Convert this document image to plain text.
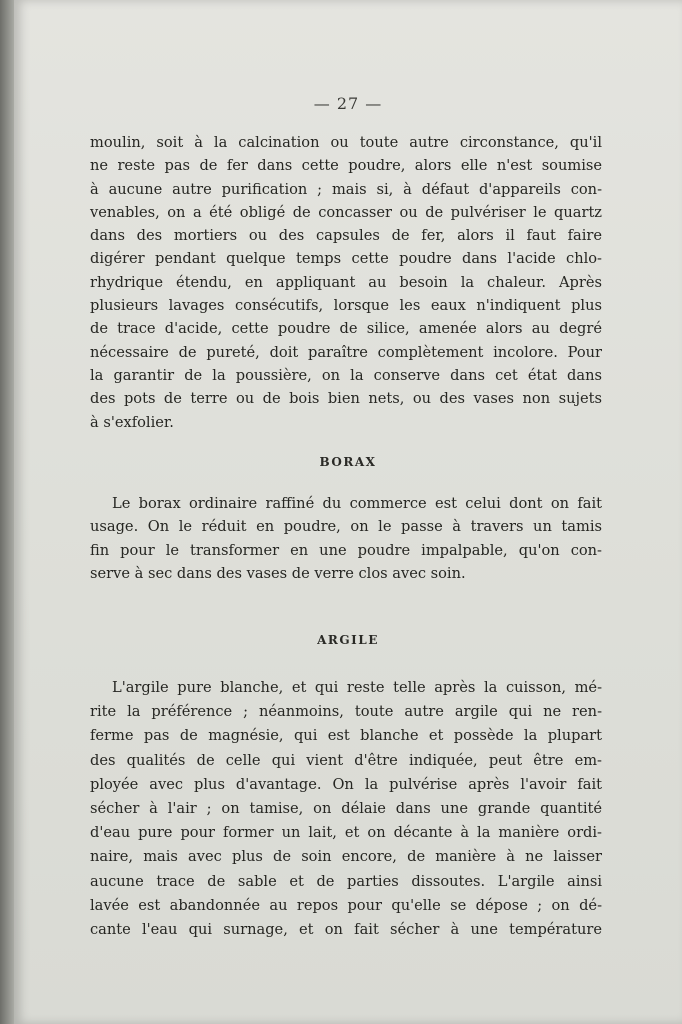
— 27 —
moulin, soit à la calcination ou toute autre circonstance, qu'il
ne reste pas de fer dans cette poudre, alors elle n'est soumise
à aucune autre purification ; mais si, à défaut d'appareils con-
venables, on a été obligé de concasser ou de pulvériser le quartz
dans des mortiers ou des capsules de fer, alors il faut faire
digérer pendant quelque temps cette poudre dans l'acide chlo-
rhydrique étendu, en appliquant au besoin la chaleur. Après
plusieurs lavages consécutifs, lorsque les eaux n'indiquent plus
de trace d'acide, cette poudre de silice, amenée alors au degré
nécessaire de pureté, doit paraître complètement incolore. Pour
la garantir de la poussière, on la conserve dans cet état dans
des pots de terre ou de bois bien nets, ou des vases non sujets
à s'exfolier.
BORAX
Le borax ordinaire raffiné du commerce est celui dont on fait
usage. On le réduit en poudre, on le passe à travers un tamis
fin pour le transformer en une poudre impalpable, qu'on con-
serve à sec dans des vases de verre clos avec soin.
ARGILE
L'argile pure blanche, et qui reste telle après la cuisson, mé-
rite la préférence ; néanmoins, toute autre argile qui ne ren-
ferme pas de magnésie, qui est blanche et possède la plupart
des qualités de celle qui vient d'être indiquée, peut être em-
ployée avec plus d'avantage. On la pulvérise après l'avoir fait
sécher à l'air ; on tamise, on délaie dans une grande quantité
d'eau pure pour former un lait, et on décante à la manière ordi-
naire, mais avec plus de soin encore, de manière à ne laisser
aucune trace de sable et de parties dissoutes. L'argile ainsi
lavée est abandonnée au repos pour qu'elle se dépose ; on dé-
cante l'eau qui surnage, et on fait sécher à une température
